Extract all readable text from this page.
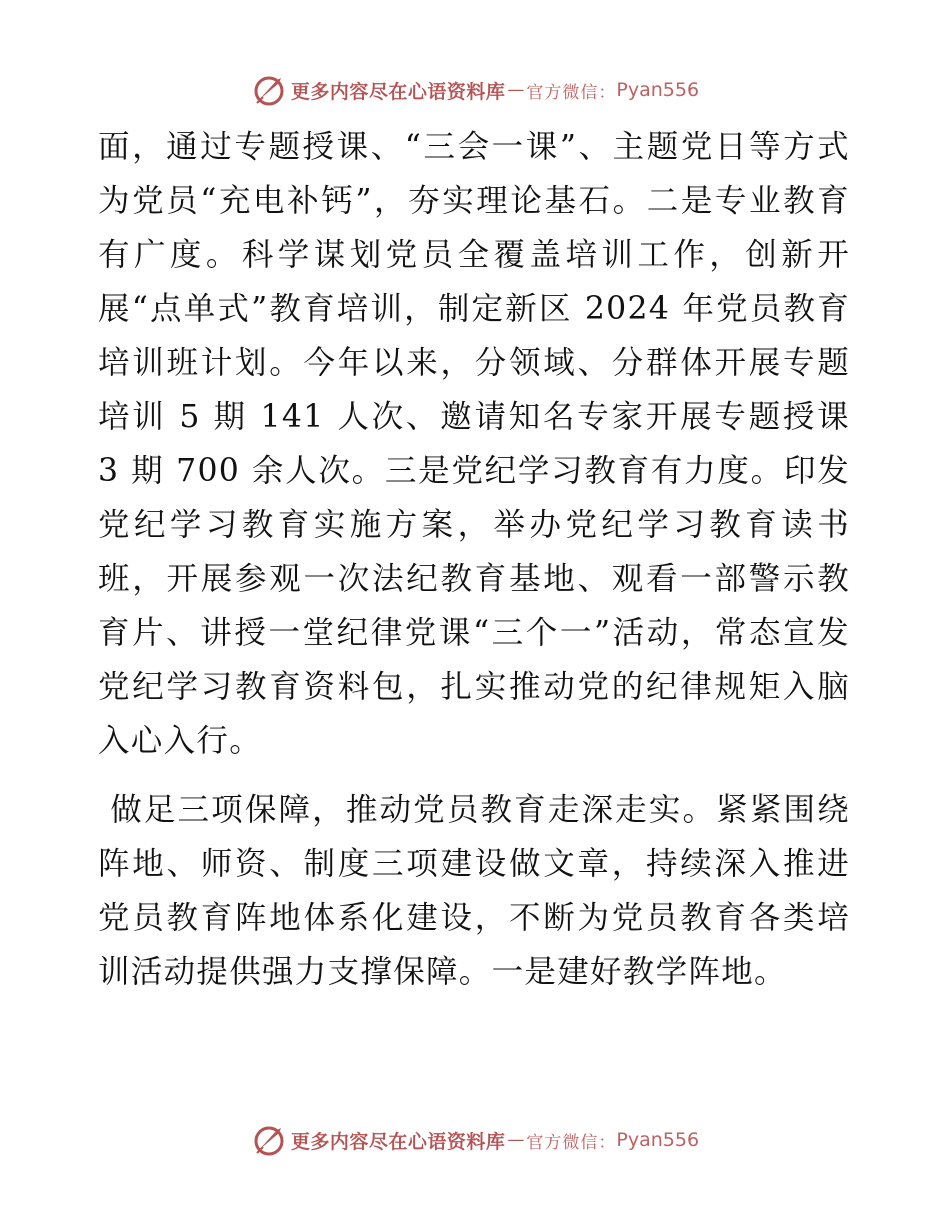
更多内容尽在心语资料库 — 官方微信： Pyan556

面，通过专题授课、“三会一课”、主题党日等方式为党员“充电补钙”，夯实理论基石。二是专业教育有广度。科学谋划党员全覆盖培训工作，创新开展“点单式”教育培训，制定新区 2024 年党员教育培训班计划。今年以来，分领域、分群体开展专题培训 5 期 141 人次、邀请知名专家开展专题授课 3 期 700 余人次。三是党纪学习教育有力度。印发党纪学习教育实施方案，举办党纪学习教育读书班，开展参观一次法纪教育基地、观看一部警示教育片、讲授一堂纪律党课“三个一”活动，常态宣发党纪学习教育资料包，扎实推动党的纪律规矩入脑入心入行。

做足三项保障，推动党员教育走深走实。紧紧围绕阵地、师资、制度三项建设做文章，持续深入推进党员教育阵地体系化建设，不断为党员教育各类培训活动提供强力支撑保障。一是建好教学阵地。

更多内容尽在心语资料库 — 官方微信： Pyan556
